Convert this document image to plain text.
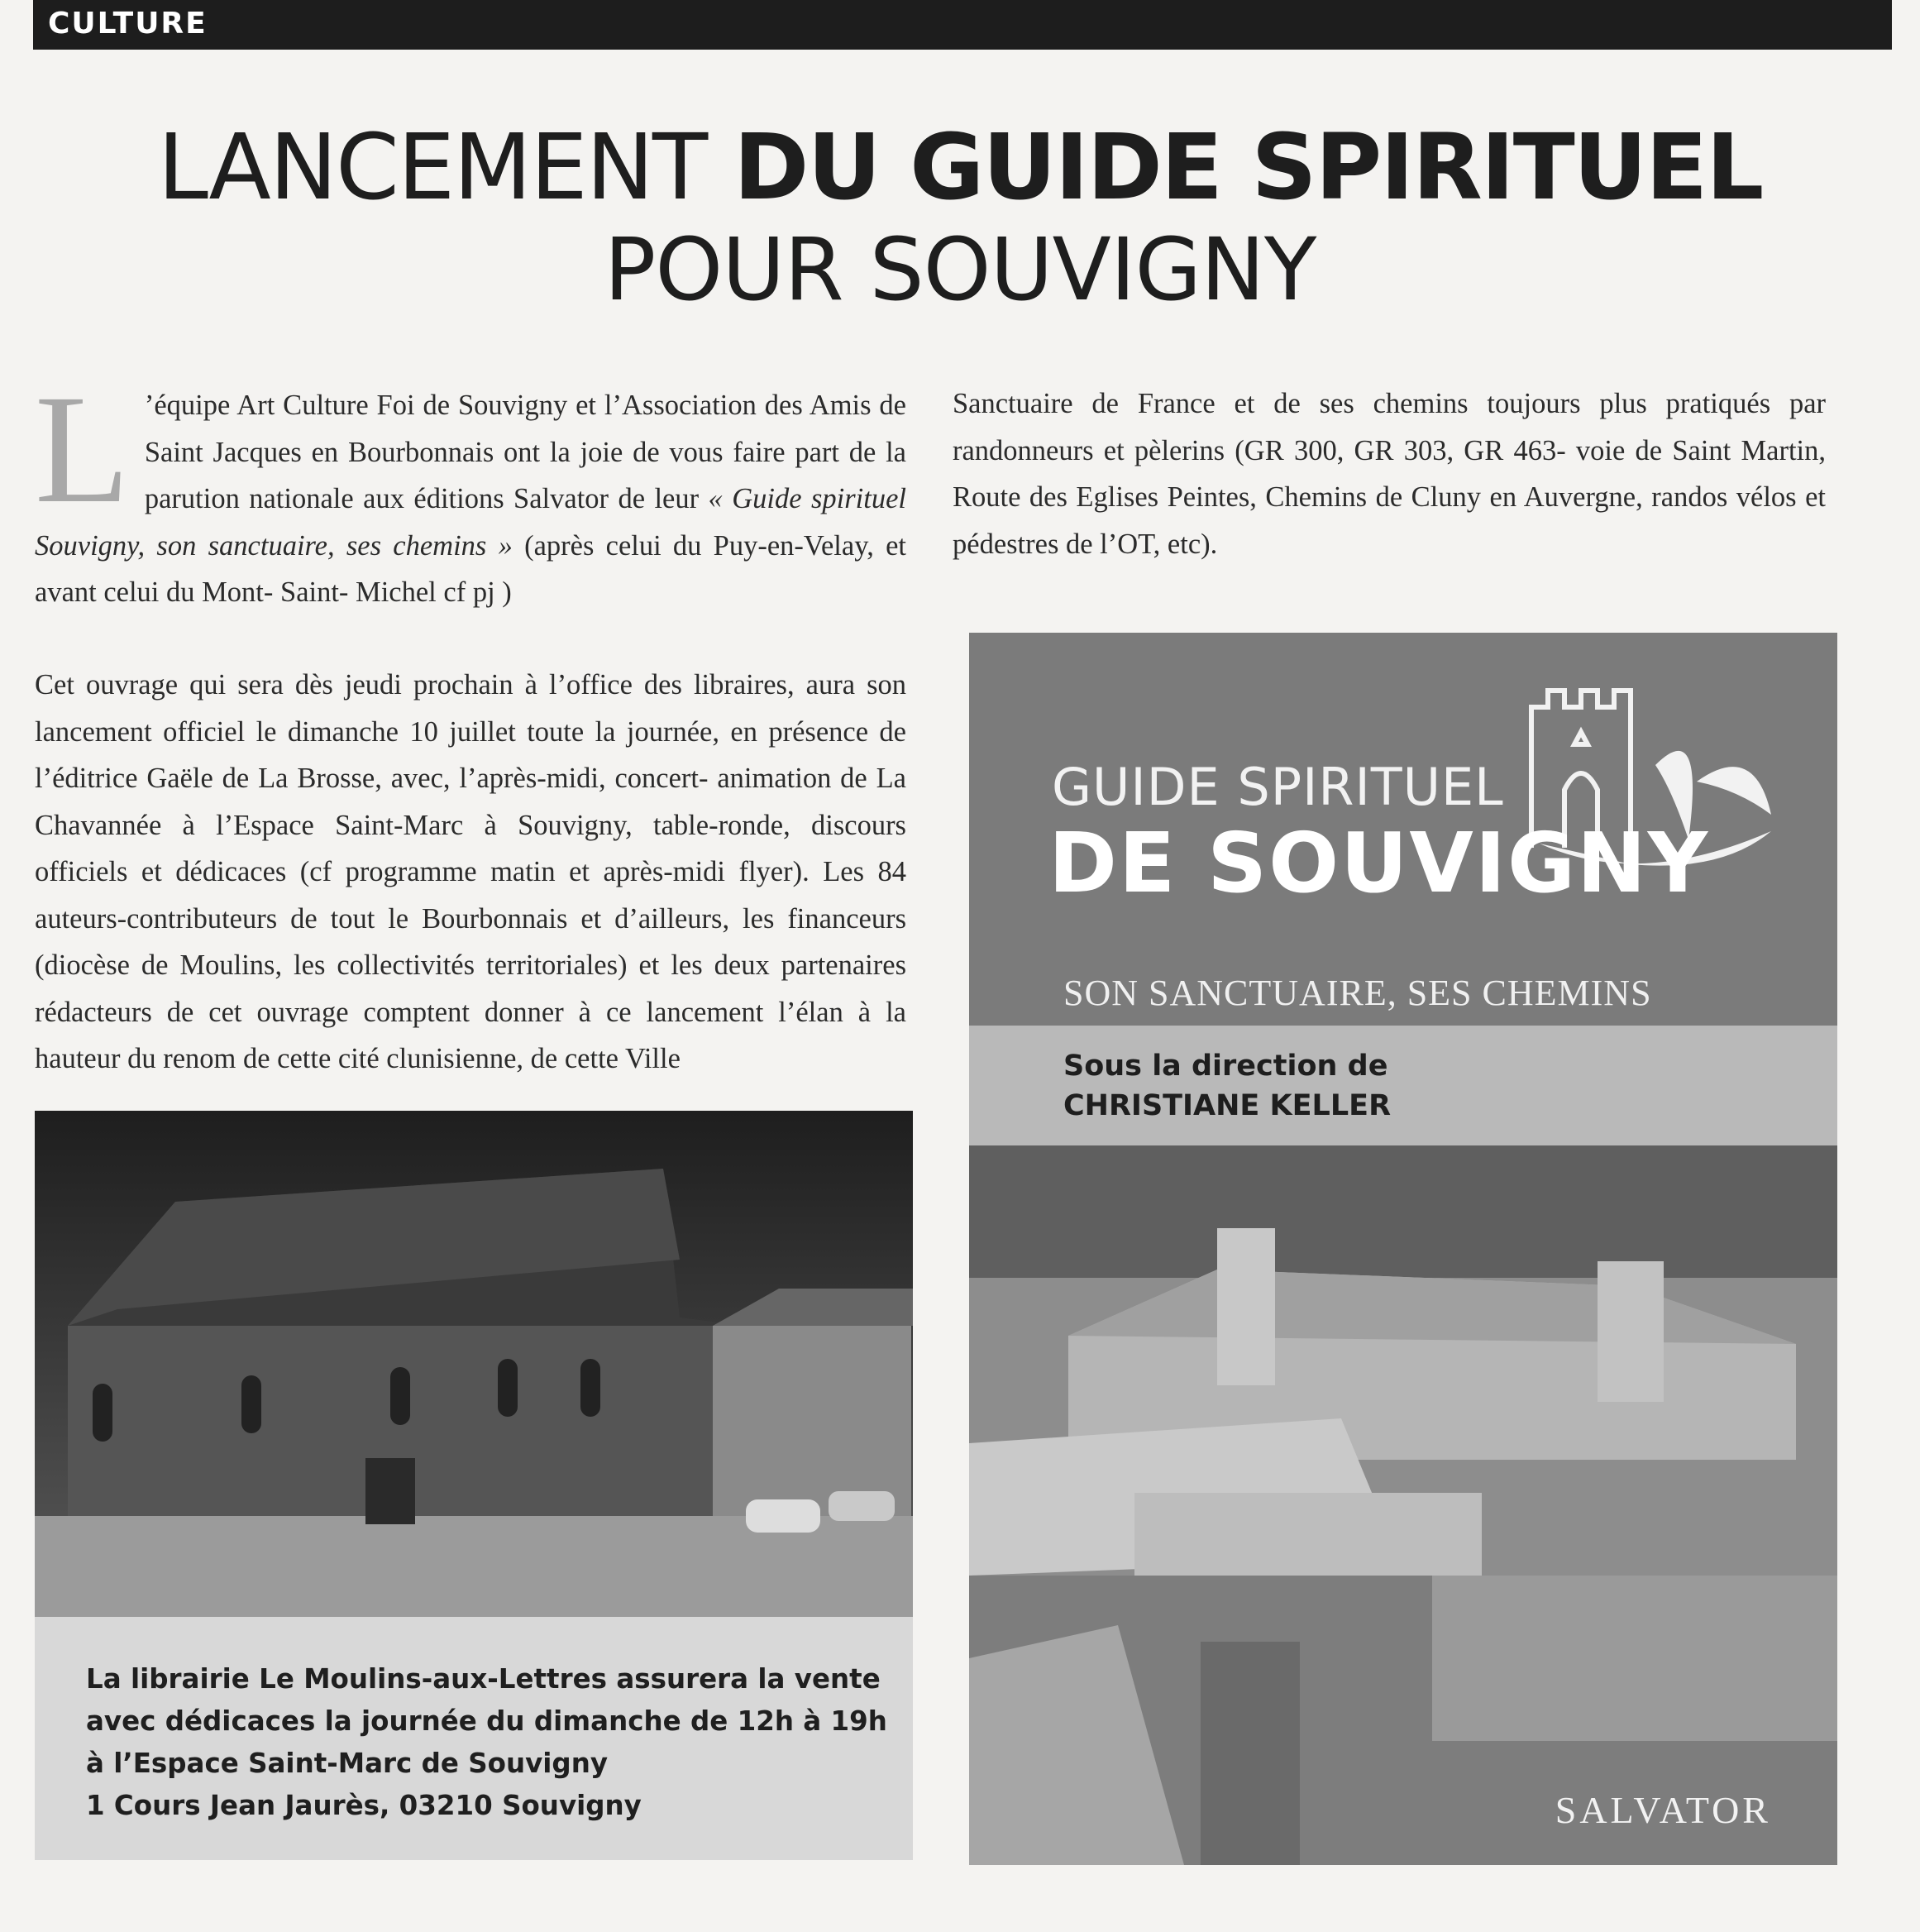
CULTURE
LANCEMENT DU GUIDE SPIRITUEL
POUR SOUVIGNY
L ’équipe Art Culture Foi de Souvigny et l’Association des Amis de Saint Jacques en Bourbonnais ont la joie de vous faire part de la parution nationale aux éditions Salvator de leur « Guide spirituel Souvigny, son sanctuaire, ses chemins » (après celui du Puy-en-Velay, et avant celui du Mont- Saint- Michel cf pj )

Cet ouvrage qui sera dès jeudi prochain à l’office des libraires, aura son lancement officiel le dimanche 10 juillet toute la journée, en présence de l’éditrice Gaële de La Brosse, avec, l’après-midi, concert- animation de La Chavannée à l’Espace Saint-Marc à Souvigny, table-ronde, discours officiels et dédicaces (cf programme matin et après-midi flyer). Les 84 auteurs-contributeurs de tout le Bourbonnais et d’ailleurs, les financeurs (diocèse de Moulins, les collectivités territoriales) et les deux partenaires rédacteurs de cet ouvrage comptent donner à ce lancement l’élan à la hauteur du renom de cette cité clunisienne, de cette Ville

Sanctuaire de France et de ses chemins toujours plus pratiqués par randonneurs et pèlerins (GR 300, GR 303, GR 463- voie de Saint Martin, Route des Eglises Peintes, Chemins de Cluny en Auvergne, randos vélos et pédestres de l’OT, etc).

La librairie Le Moulins-aux-Lettres assurera la vente
avec dédicaces la journée du dimanche de 12h à 19h
à l’Espace Saint-Marc de Souvigny
1 Cours Jean Jaurès, 03210 Souvigny
GUIDE SPIRITUEL
DE SOUVIGNY
SON SANCTUAIRE, SES CHEMINS
Sous la direction de
CHRISTIANE KELLER
SALVATOR
